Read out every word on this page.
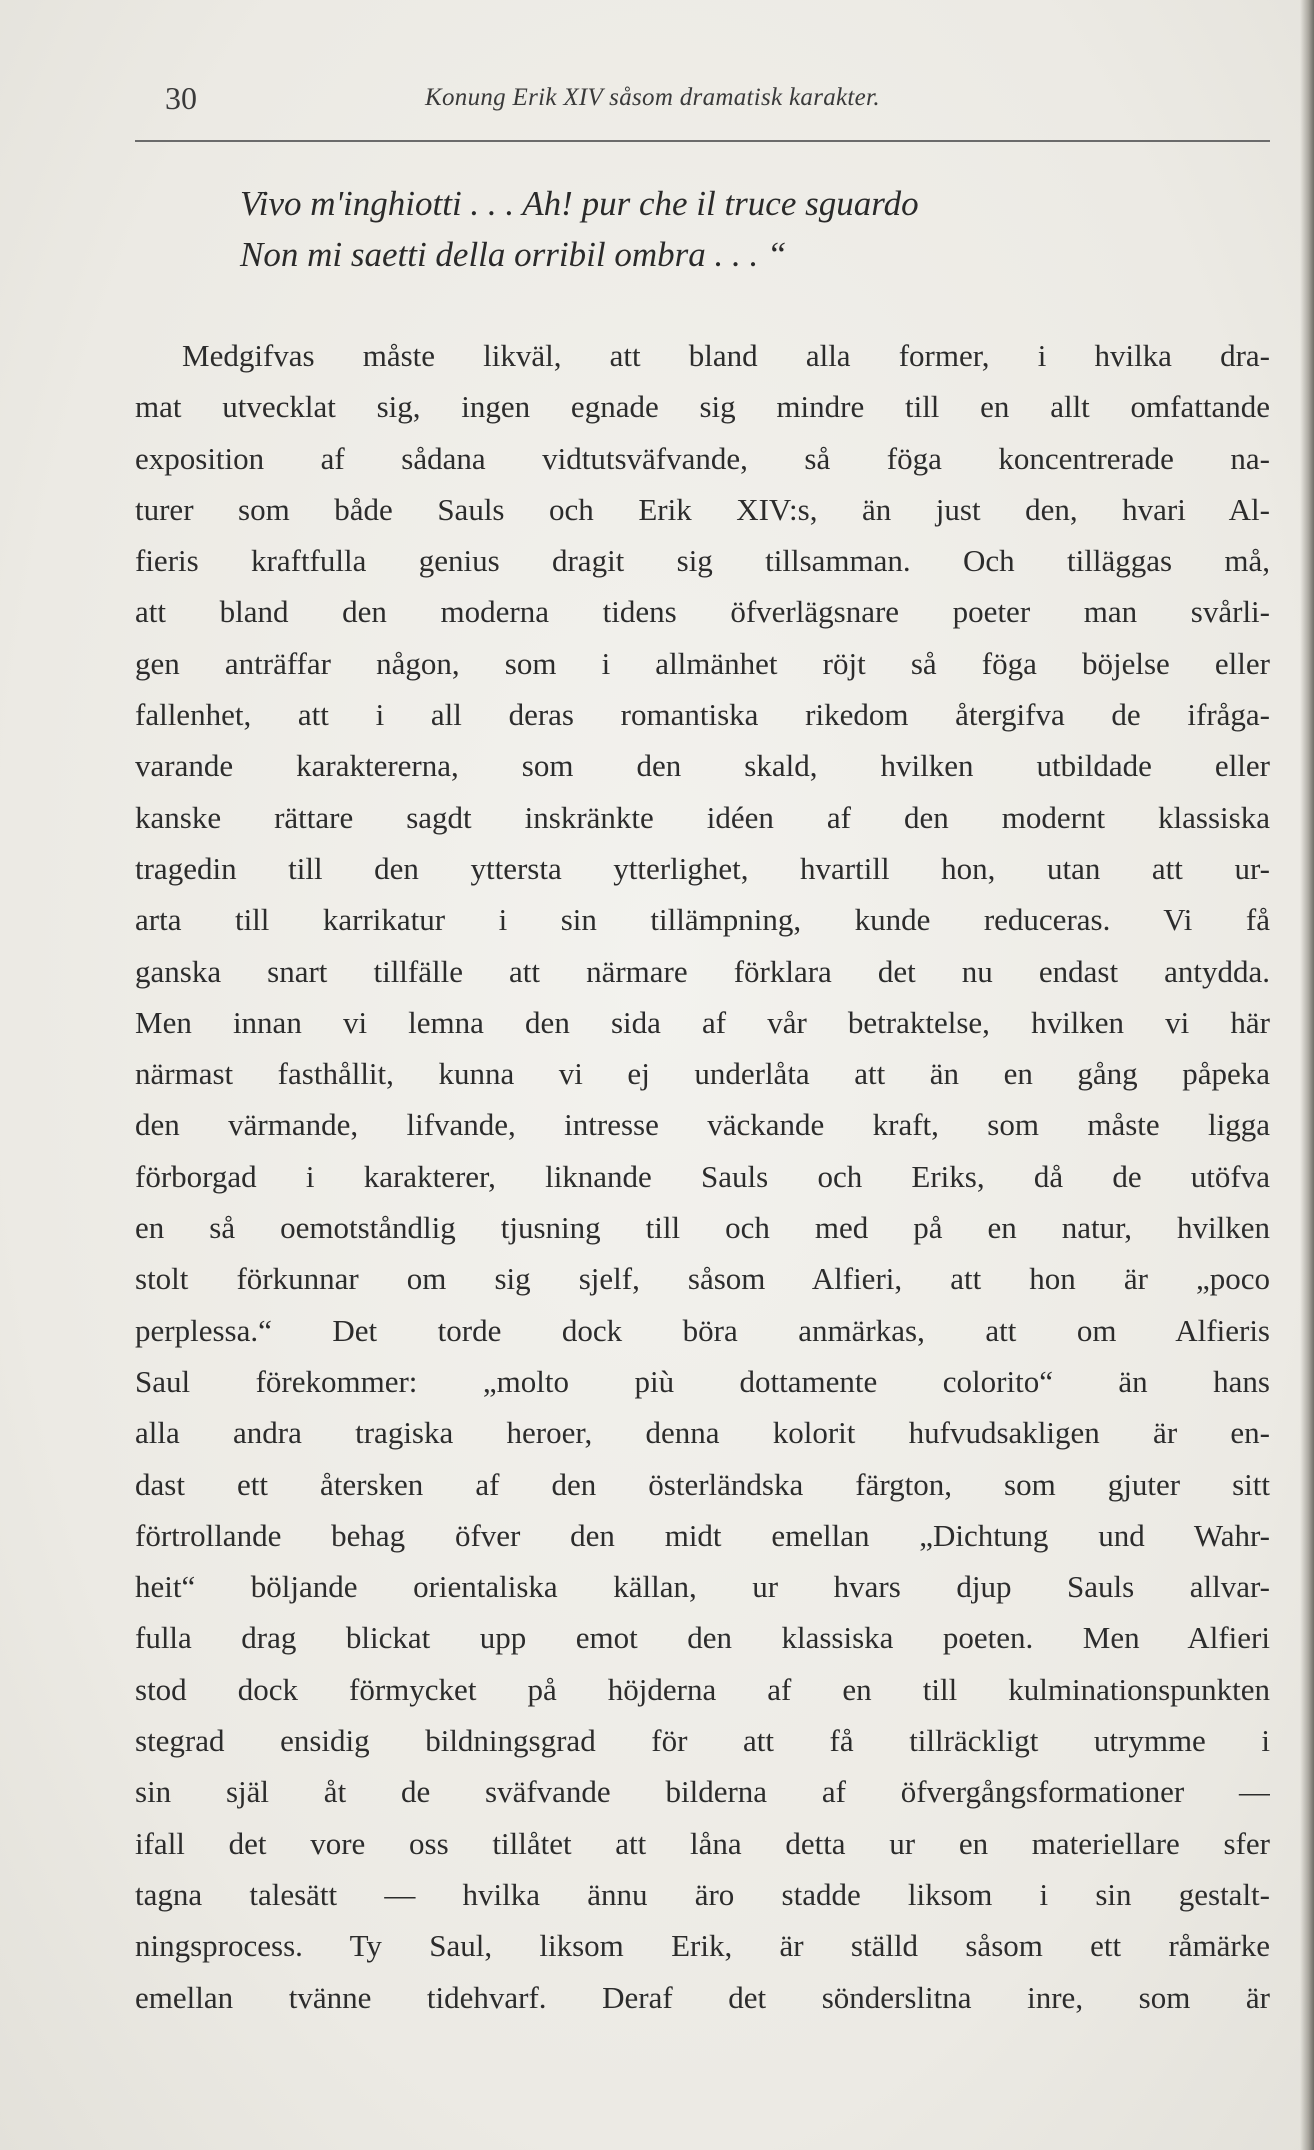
30	Konung Erik XIV såsom dramatisk karakter.
Vivo m'inghiotti . . . Ah! pur che il truce sguardo
Non mi saetti della orribil ombra . . . “
Medgifvas måste likväl, att bland alla former, i hvilka dra-
mat utvecklat sig, ingen egnade sig mindre till en allt omfattande
exposition af sådana vidtutsväfvande, så föga koncentrerade na-
turer som både Sauls och Erik XIV:s, än just den, hvari Al-
fieris kraftfulla genius dragit sig tillsamman. Och tilläggas må,
att bland den moderna tidens öfverlägsnare poeter man svårli-
gen anträffar någon, som i allmänhet röjt så föga böjelse eller
fallenhet, att i all deras romantiska rikedom återgifva de ifråga-
varande karaktererna, som den skald, hvilken utbildade eller
kanske rättare sagdt inskränkte idéen af den modernt klassiska
tragedin till den yttersta ytterlighet, hvartill hon, utan att ur-
arta till karrikatur i sin tillämpning, kunde reduceras. Vi få
ganska snart tillfälle att närmare förklara det nu endast antydda.
Men innan vi lemna den sida af vår betraktelse, hvilken vi här
närmast fasthållit, kunna vi ej underlåta att än en gång påpeka
den värmande, lifvande, intresse väckande kraft, som måste ligga
förborgad i karakterer, liknande Sauls och Eriks, då de utöfva
en så oemotståndlig tjusning till och med på en natur, hvilken
stolt förkunnar om sig sjelf, såsom Alfieri, att hon är „poco
perplessa.“ Det torde dock böra anmärkas, att om Alfieris
Saul förekommer: „molto più dottamente colorito“ än hans
alla andra tragiska heroer, denna kolorit hufvudsakligen är en-
dast ett återsken af den österländska färgton, som gjuter sitt
förtrollande behag öfver den midt emellan „Dichtung und Wahr-
heit“ böljande orientaliska källan, ur hvars djup Sauls allvar-
fulla drag blickat upp emot den klassiska poeten. Men Alfieri
stod dock förmycket på höjderna af en till kulminationspunkten
stegrad ensidig bildningsgrad för att få tillräckligt utrymme i
sin själ åt de sväfvande bilderna af öfvergångsformationer —
ifall det vore oss tillåtet att låna detta ur en materiellare sfer
tagna talesätt — hvilka ännu äro stadde liksom i sin gestalt-
ningsprocess. Ty Saul, liksom Erik, är ställd såsom ett råmärke
emellan tvänne tidehvarf. Deraf det sönderslitna inre, som är
